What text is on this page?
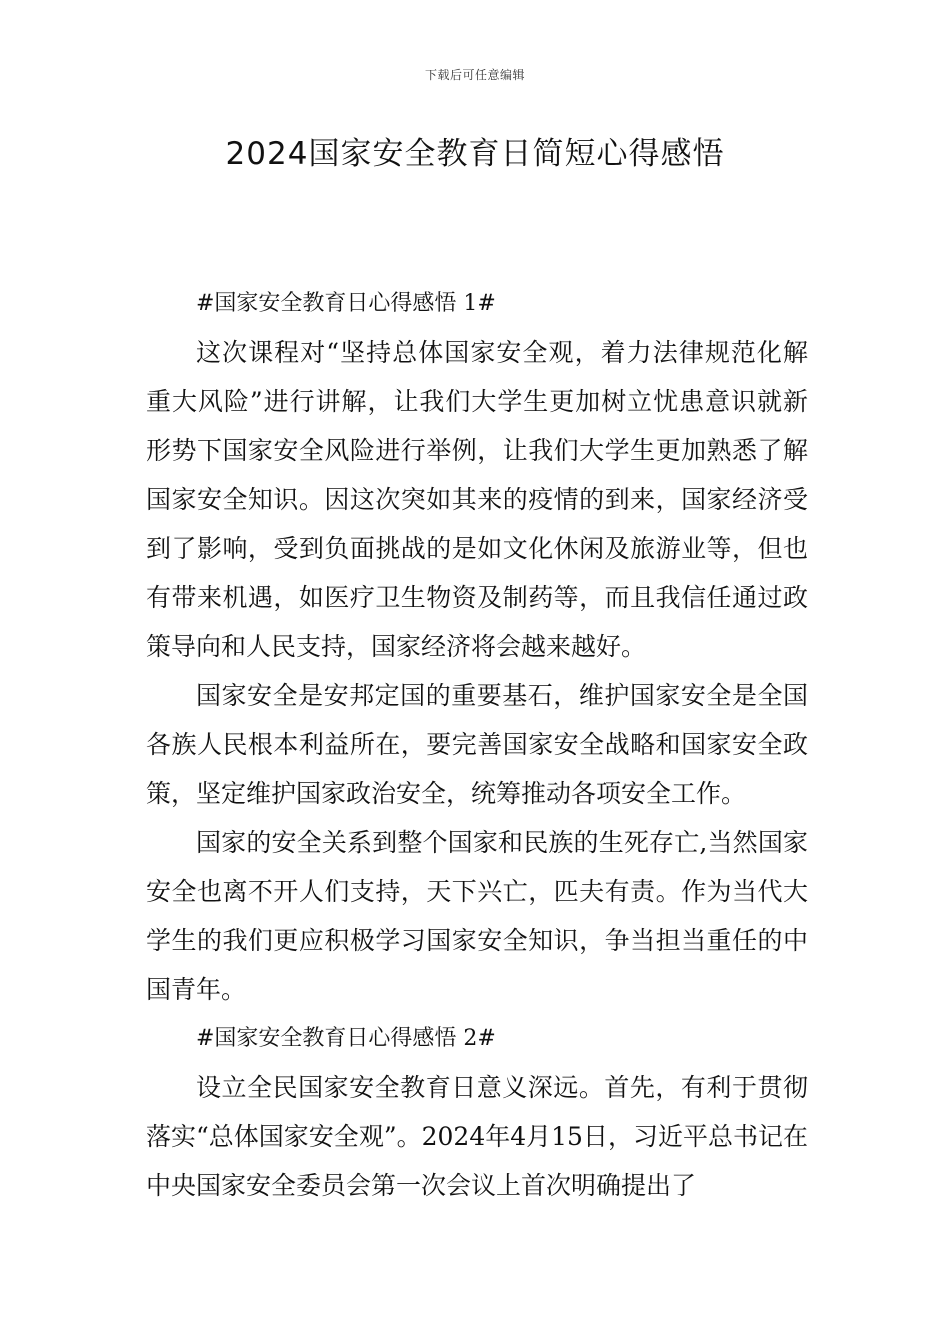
下载后可任意编辑
2024国家安全教育日简短心得感悟

#国家安全教育日心得感悟 1#

这次课程对“坚持总体国家安全观，着力法律规范化解重大风险”进行讲解，让我们大学生更加树立忧患意识就新形势下国家安全风险进行举例，让我们大学生更加熟悉了解国家安全知识。因这次突如其来的疫情的到来，国家经济受到了影响，受到负面挑战的是如文化休闲及旅游业等，但也有带来机遇，如医疗卫生物资及制药等，而且我信任通过政策导向和人民支持，国家经济将会越来越好。

国家安全是安邦定国的重要基石，维护国家安全是全国各族人民根本利益所在，要完善国家安全战略和国家安全政策，坚定维护国家政治安全，统筹推动各项安全工作。

国家的安全关系到整个国家和民族的生死存亡,当然国家安全也离不开人们支持，天下兴亡，匹夫有责。作为当代大学生的我们更应积极学习国家安全知识，争当担当重任的中国青年。

#国家安全教育日心得感悟 2#

设立全民国家安全教育日意义深远。首先，有利于贯彻落实“总体国家安全观”。2024年4月15日，习近平总书记在中央国家安全委员会第一次会议上首次明确提出了
